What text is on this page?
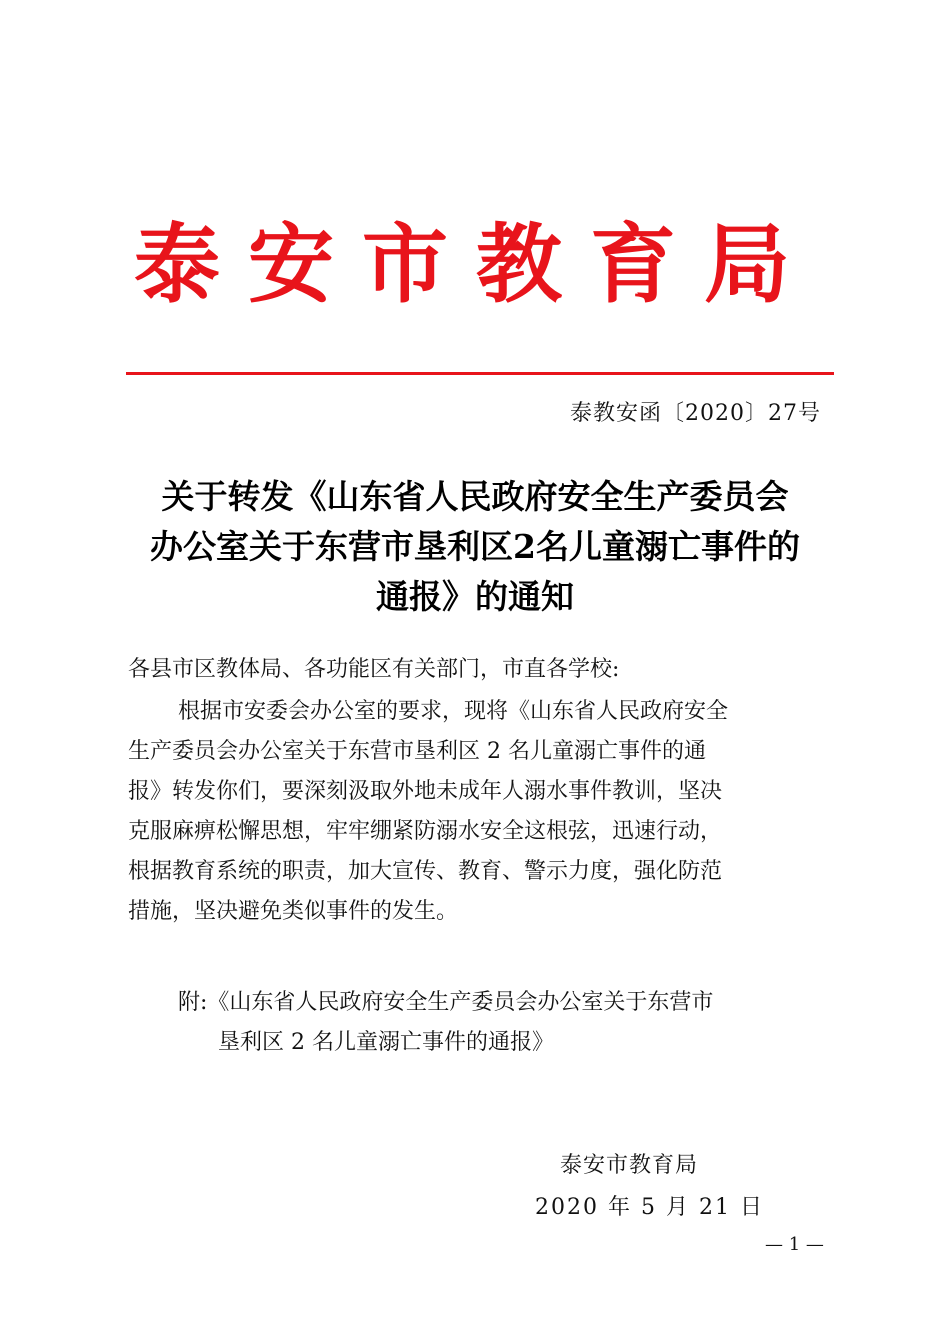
泰安市教育局
泰教安函〔2020〕27号
关于转发《山东省人民政府安全生产委员会
办公室关于东营市垦利区2名儿童溺亡事件的
通报》的通知
各县市区教体局、各功能区有关部门，市直各学校:
根据市安委会办公室的要求，现将《山东省人民政府安全
生产委员会办公室关于东营市垦利区 2 名儿童溺亡事件的通
报》转发你们，要深刻汲取外地未成年人溺水事件教训，坚决
克服麻痹松懈思想，牢牢绷紧防溺水安全这根弦，迅速行动，
根据教育系统的职责，加大宣传、教育、警示力度，强化防范
措施，坚决避免类似事件的发生。
附:《山东省人民政府安全生产委员会办公室关于东营市
垦利区 2 名儿童溺亡事件的通报》
泰安市教育局
2020 年 5 月 21 日
— 1 —
